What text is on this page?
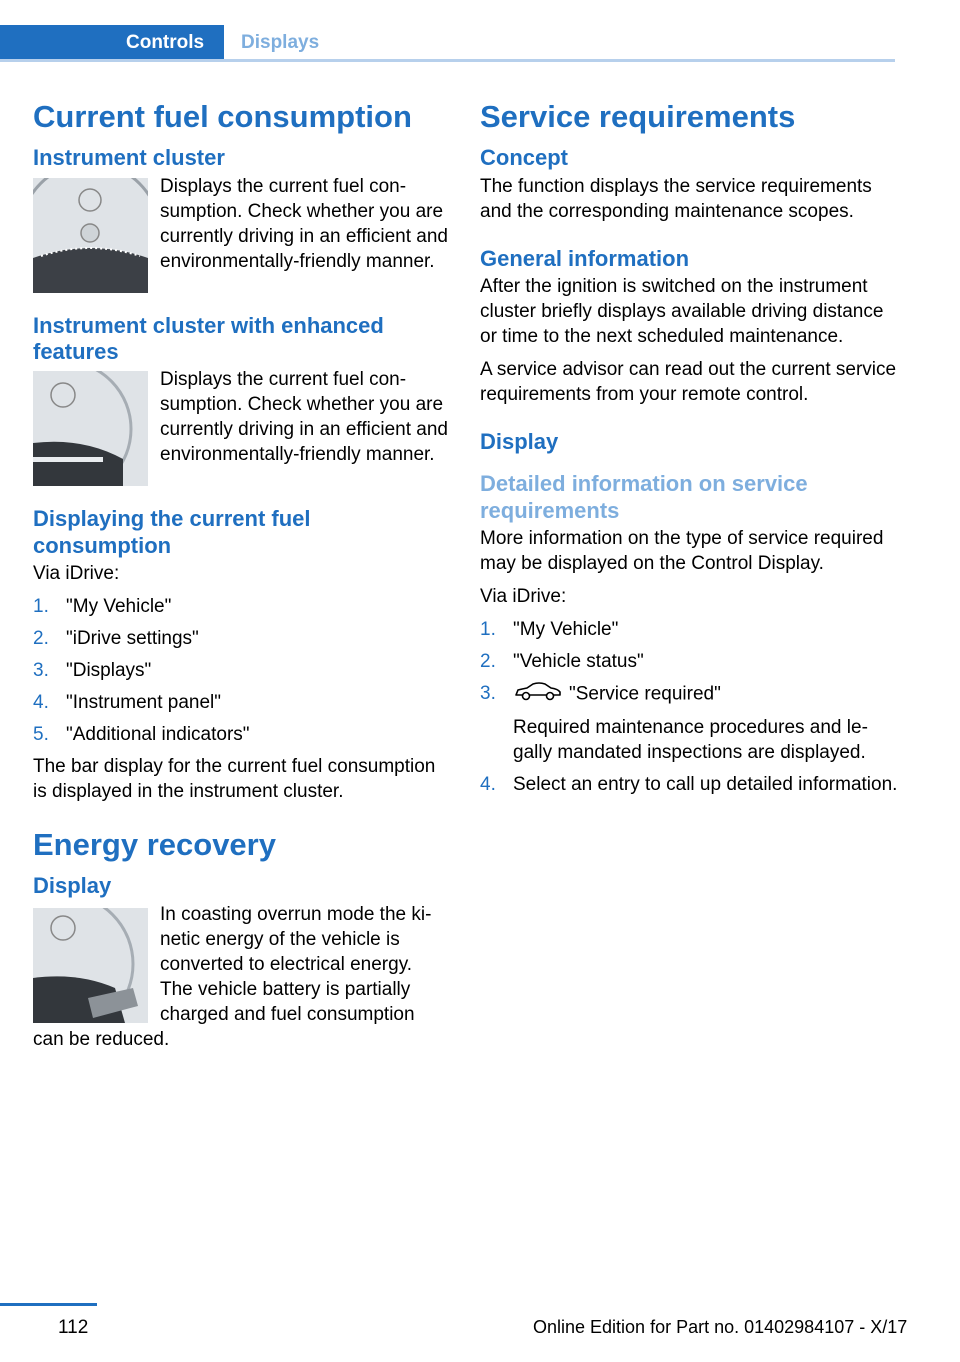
Controls Displays
Current fuel consumption
Instrument cluster

Displays the current fuel consumption. Check whether you are currently driving in an efficient and environmentally-friendly manner.

Instrument cluster with enhanced features

Displays the current fuel consumption. Check whether you are currently driving in an efficient and environmentally-friendly manner.

Displaying the current fuel consumption

Via iDrive:

1. "My Vehicle"
2. "iDrive settings"
3. "Displays"
4. "Instrument panel"
5. "Additional indicators"

The bar display for the current fuel consumption is displayed in the instrument cluster.

Energy recovery
Display

In coasting overrun mode the kinetic energy of the vehicle is converted to electrical energy. The vehicle battery is partially charged and fuel consumption can be reduced.

Service requirements
Concept

The function displays the service requirements and the corresponding maintenance scopes.

General information

After the ignition is switched on the instrument cluster briefly displays available driving distance or time to the next scheduled maintenance.

A service advisor can read out the current service requirements from your remote control.

Display
Detailed information on service requirements

More information on the type of service required may be displayed on the Control Display.

Via iDrive:

1. "My Vehicle"
2. "Vehicle status"
3.	"Service required"
Required maintenance procedures and legally mandated inspections are displayed.
4. Select an entry to call up detailed information.
112	Online Edition for Part no. 01402984107 - X/17
